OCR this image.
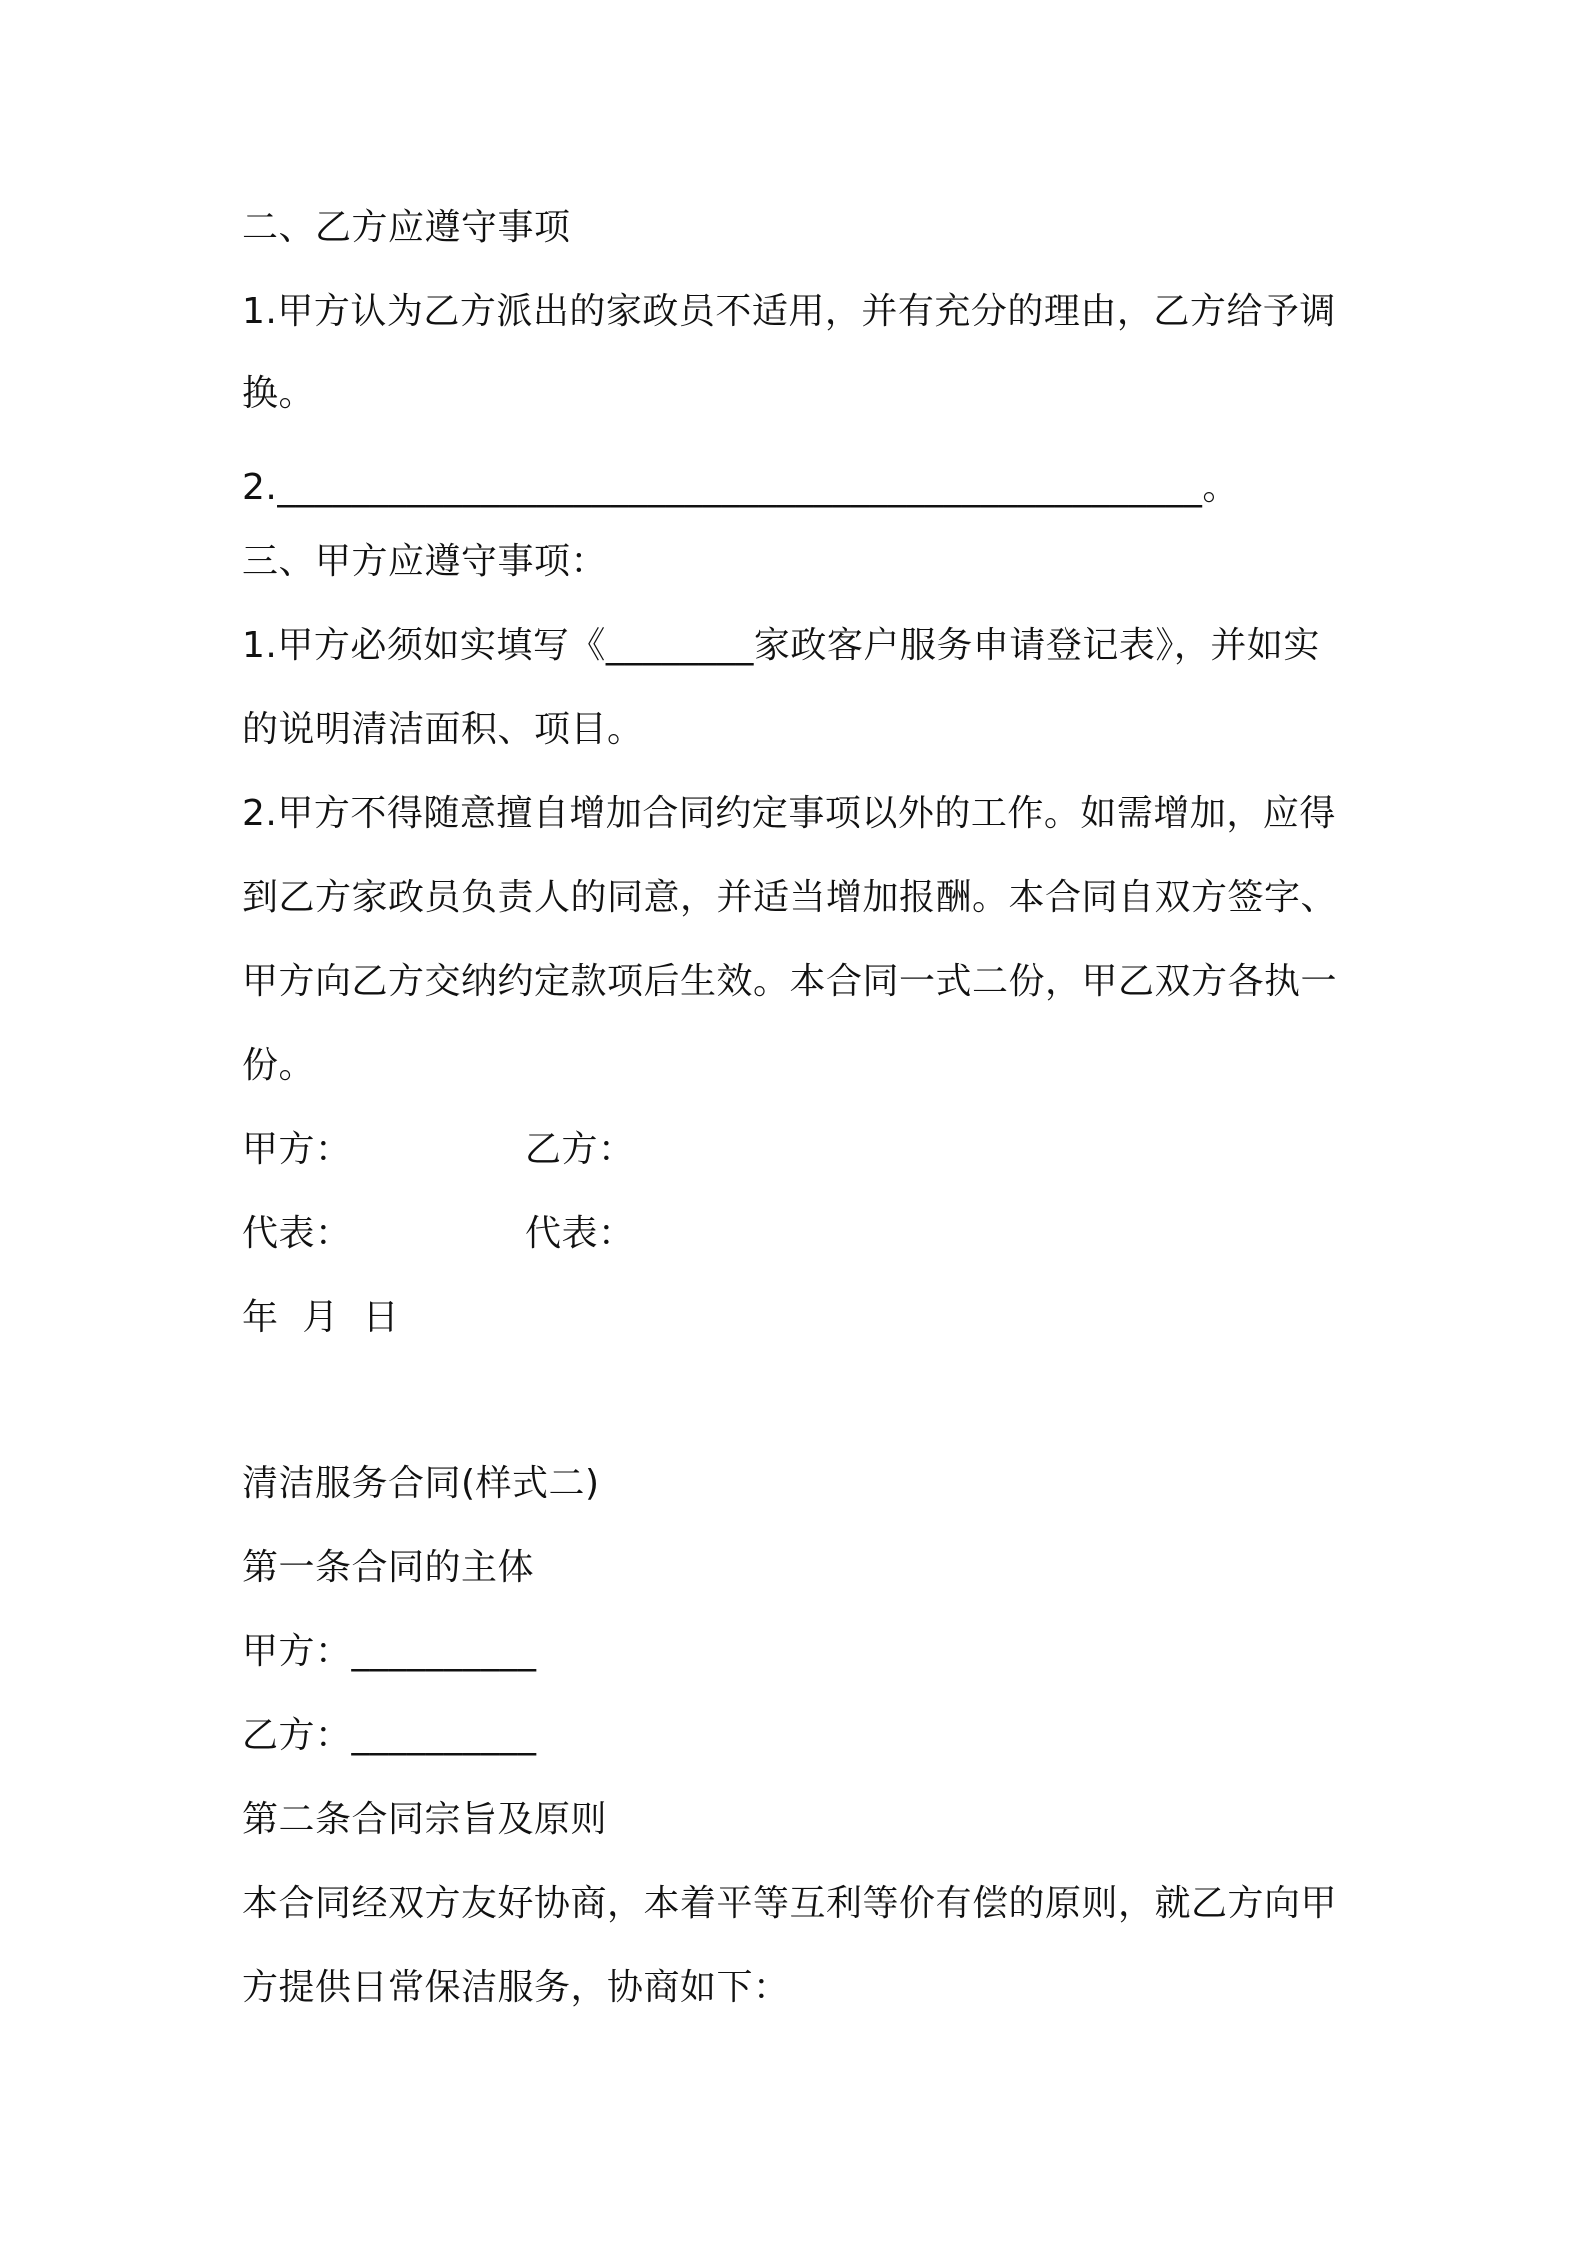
二、乙方应遵守事项
1.甲方认为乙方派出的家政员不适用，并有充分的理由，乙方给予调
换。
2.__________________________________________________。
三、甲方应遵守事项：
1.甲方必须如实填写《________家政客户服务申请登记表》，并如实
的说明清洁面积、项目。
2.甲方不得随意擅自增加合同约定事项以外的工作。如需增加，应得
到乙方家政员负责人的同意，并适当增加报酬。本合同自双方签字、
甲方向乙方交纳约定款项后生效。本合同一式二份，甲乙双方各执一
份。
甲方：	乙方：
代表：	代表：
年  月  日
清洁服务合同(样式二)
第一条合同的主体
甲方：__________
乙方：__________
第二条合同宗旨及原则
本合同经双方友好协商，本着平等互利等价有偿的原则，就乙方向甲
方提供日常保洁服务，协商如下：
